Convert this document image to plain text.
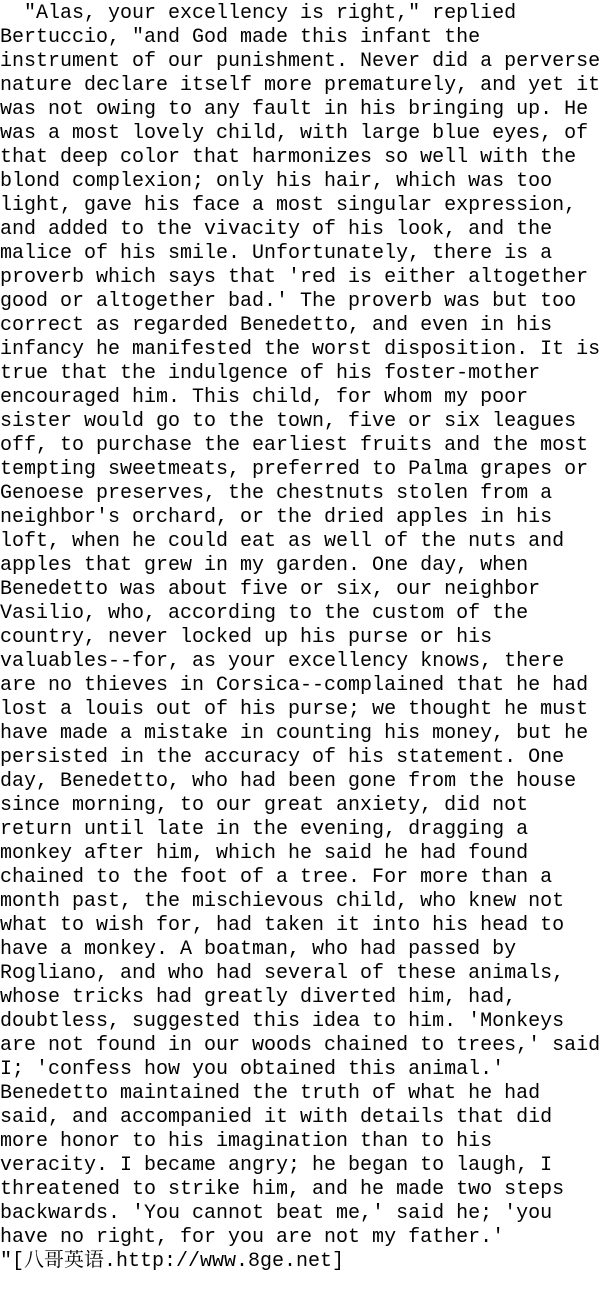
"Alas, your excellency is right," replied
Bertuccio, "and God made this infant the
instrument of our punishment. Never did a perverse
nature declare itself more prematurely, and yet it
was not owing to any fault in his bringing up. He
was a most lovely child, with large blue eyes, of
that deep color that harmonizes so well with the
blond complexion; only his hair, which was too
light, gave his face a most singular expression,
and added to the vivacity of his look, and the
malice of his smile. Unfortunately, there is a
proverb which says that 'red is either altogether
good or altogether bad.' The proverb was but too
correct as regarded Benedetto, and even in his
infancy he manifested the worst disposition. It is
true that the indulgence of his foster-mother
encouraged him. This child, for whom my poor
sister would go to the town, five or six leagues
off, to purchase the earliest fruits and the most
tempting sweetmeats, preferred to Palma grapes or
Genoese preserves, the chestnuts stolen from a
neighbor's orchard, or the dried apples in his
loft, when he could eat as well of the nuts and
apples that grew in my garden. One day, when
Benedetto was about five or six, our neighbor
Vasilio, who, according to the custom of the
country, never locked up his purse or his
valuables--for, as your excellency knows, there
are no thieves in Corsica--complained that he had
lost a louis out of his purse; we thought he must
have made a mistake in counting his money, but he
persisted in the accuracy of his statement. One
day, Benedetto, who had been gone from the house
since morning, to our great anxiety, did not
return until late in the evening, dragging a
monkey after him, which he said he had found
chained to the foot of a tree. For more than a
month past, the mischievous child, who knew not
what to wish for, had taken it into his head to
have a monkey. A boatman, who had passed by
Rogliano, and who had several of these animals,
whose tricks had greatly diverted him, had,
doubtless, suggested this idea to him. 'Monkeys
are not found in our woods chained to trees,' said
I; 'confess how you obtained this animal.'
Benedetto maintained the truth of what he had
said, and accompanied it with details that did
more honor to his imagination than to his
veracity. I became angry; he began to laugh, I
threatened to strike him, and he made two steps
backwards. 'You cannot beat me,' said he; 'you
have no right, for you are not my father.'
"[八哥英语.http://www.8ge.net]
